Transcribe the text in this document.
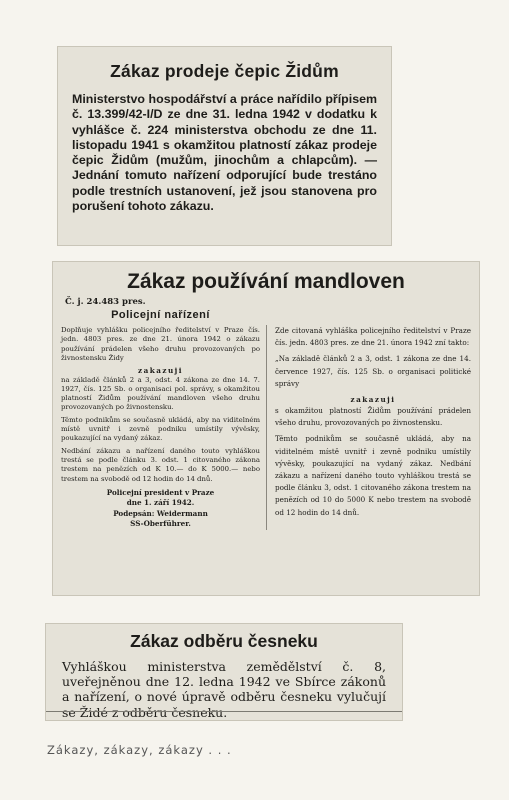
Zákaz prodeje čepic Židům
Ministerstvo hospodářství a práce nařídilo přípisem č. 13.399/42-I/D ze dne 31. ledna 1942 v dodatku k vyhlášce č. 224 ministerstva obchodu ze dne 11. listopadu 1941 s okamžitou platností zákaz prodeje čepic Židům (mužům, jinochům a chlapcům). — Jednání tomuto nařízení odporující bude trestáno podle trestních ustanovení, jež jsou stanovena pro porušení tohoto zákazu.
Zákaz používání mandloven
Č. j. 24.483 pres.
Policejní nařízení
Doplňuje vyhlášku policejního ředitelství v Praze čís. jedn. 4803 pres. ze dne 21. února 1942 o zákazu používání prádelen všeho druhu provozovaných po živnostensku Židy
zakazuji
na základě článků 2 a 3, odst. 4 zákona ze dne 14. 7. 1927, čís. 125 Sb. o organisaci pol. správy, s okamžitou platností Židům používání mandloven všeho druhu provozovaných po živnostensku.
Těmto podnikům se současně ukládá, aby na viditelném místě uvnitř i zevně podniku umístily vývěsky, poukazující na vydaný zákaz.
Nedbání zákazu a nařízení daného touto vyhláškou trestá se podle článku 3. odst. 1 citovaného zákona trestem na penězích od K 10.— do K 5000.— nebo trestem na svobodě od 12 hodin do 14 dnů.
Policejní president v Praze
dne 1. září 1942.
Podepsán: Weidermann
SS-Oberführer.
Zde citovaná vyhláška policejního ředitelství v Praze čís. jedn. 4803 pres. ze dne 21. února 1942 zní takto:
„Na základě článků 2 a 3, odst. 1 zákona ze dne 14. července 1927, čís. 125 Sb. o organisaci politické správy
zakazuji
s okamžitou platností Židům používání prádelen všeho druhu, provozovaných po živnostensku.
Těmto podnikům se současně ukládá, aby na viditelném místě uvnitř i zevně podniku umístily vývěsky, poukazující na vydaný zákaz. Nedbání zákazu a nařízení daného touto vyhláškou trestá se podle článku 3, odst. 1 citovaného zákona trestem na penězích od 10 do 5000 K nebo trestem na svobodě od 12 hodin do 14 dnů.
Zákaz odběru česneku
Vyhláškou ministerstva zemědělství č. 8, uveřejněnou dne 12. ledna 1942 ve Sbírce zákonů a nařízení, o nové úpravě odběru česneku vylučují se Židé z odběru česneku.
Zákazy, zákazy, zákazy . . .
